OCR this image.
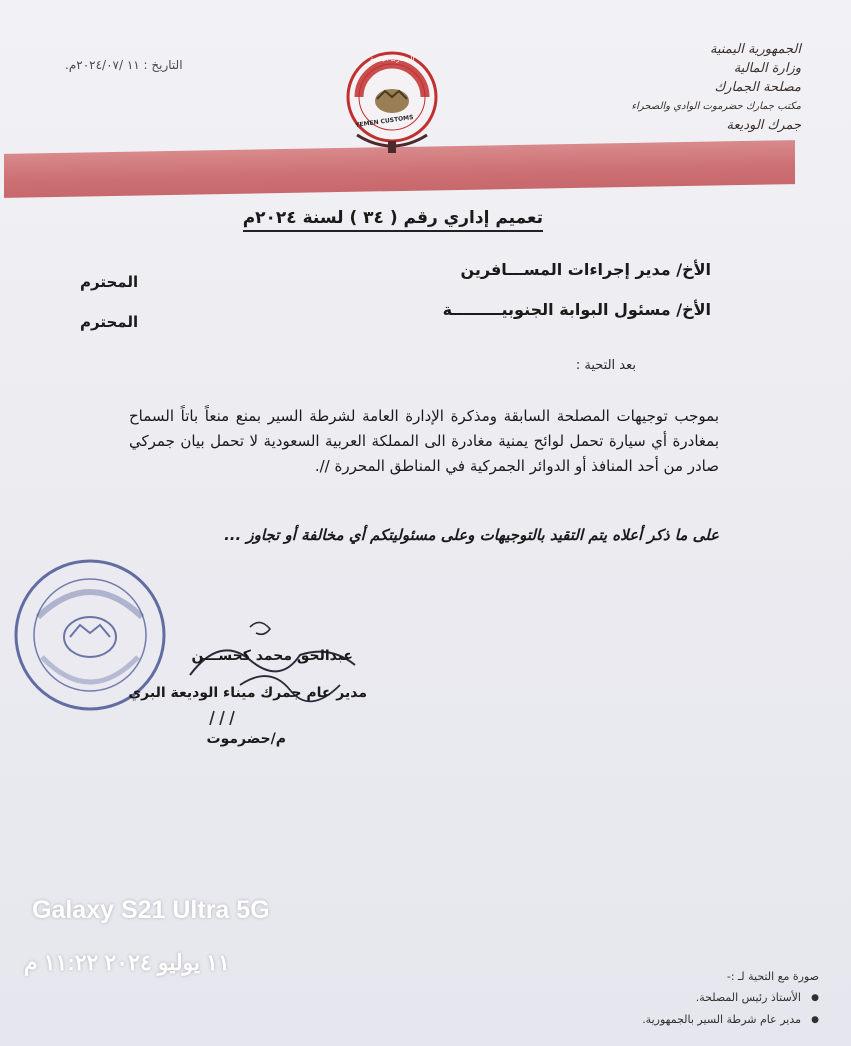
الجمهورية اليمنية
وزارة المالية
مصلحة الجمارك
مكتب جمارك حضرموت الوادي والصحراء
جمرك الوديعة
التاريخ : ١١ /٢٠٢٤/٠٧م.	الجمارك اليمنية
YEMEN CUSTOMS
تعميم إداري رقم ( ٣٤ ) لسنة ٢٠٢٤م
الأخ/ مدير إجراءات المســـافرين
المحترم
الأخ/ مسئول البوابة الجنوبيـــــــــة
المحترم
بعد التحية :
بموجب توجيهات المصلحة السابقة ومذكرة الإدارة العامة لشرطة السير بمنع منعاً باتاً السماح بمغادرة أي سيارة تحمل لوائح يمنية مغادرة الى المملكة العربية السعودية لا تحمل بيان جمركي صادر من أحد المنافذ أو الدوائر الجمركية في المناطق المحررة //.
على ما ذكر أعلاه يتم التقيد بالتوجيهات وعلى مسئوليتكم أي مخالفة أو تجاوز ...
عبدالحق محمد كحســـن
مدير عام جمرك ميناء الوديعة البري
م/حضرموت
Galaxy S21 Ultra 5G
١١ يوليو ٢٠٢٤ ١١:٢٢ م
صورة مع التحية لـ :-
● الأستاذ رئيس المصلحة.
● مدير عام شرطة السير بالجمهورية.
